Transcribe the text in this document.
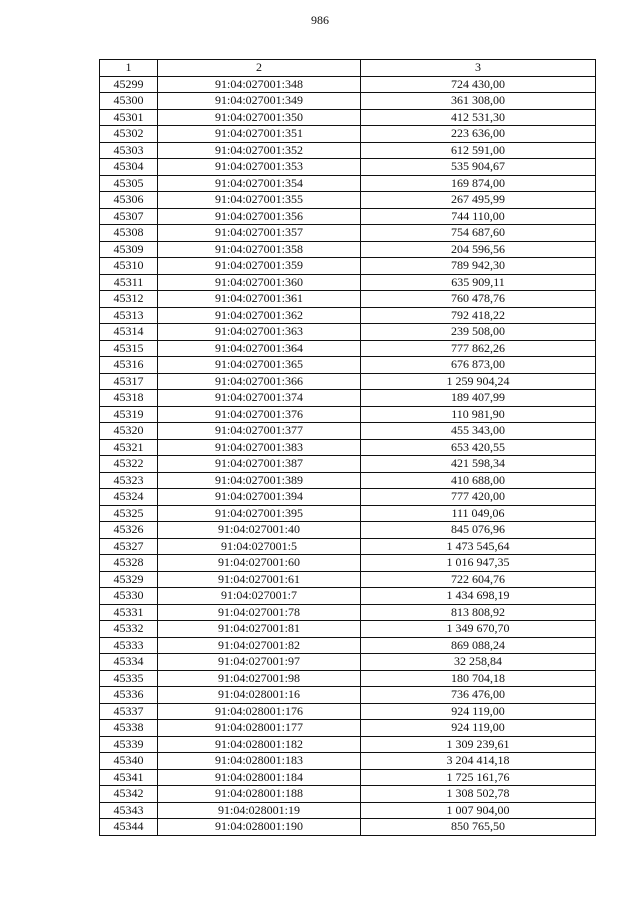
986
1	2	3
45299	91:04:027001:348	724 430,00
45300	91:04:027001:349	361 308,00
45301	91:04:027001:350	412 531,30
45302	91:04:027001:351	223 636,00
45303	91:04:027001:352	612 591,00
45304	91:04:027001:353	535 904,67
45305	91:04:027001:354	169 874,00
45306	91:04:027001:355	267 495,99
45307	91:04:027001:356	744 110,00
45308	91:04:027001:357	754 687,60
45309	91:04:027001:358	204 596,56
45310	91:04:027001:359	789 942,30
45311	91:04:027001:360	635 909,11
45312	91:04:027001:361	760 478,76
45313	91:04:027001:362	792 418,22
45314	91:04:027001:363	239 508,00
45315	91:04:027001:364	777 862,26
45316	91:04:027001:365	676 873,00
45317	91:04:027001:366	1 259 904,24
45318	91:04:027001:374	189 407,99
45319	91:04:027001:376	110 981,90
45320	91:04:027001:377	455 343,00
45321	91:04:027001:383	653 420,55
45322	91:04:027001:387	421 598,34
45323	91:04:027001:389	410 688,00
45324	91:04:027001:394	777 420,00
45325	91:04:027001:395	111 049,06
45326	91:04:027001:40	845 076,96
45327	91:04:027001:5	1 473 545,64
45328	91:04:027001:60	1 016 947,35
45329	91:04:027001:61	722 604,76
45330	91:04:027001:7	1 434 698,19
45331	91:04:027001:78	813 808,92
45332	91:04:027001:81	1 349 670,70
45333	91:04:027001:82	869 088,24
45334	91:04:027001:97	32 258,84
45335	91:04:027001:98	180 704,18
45336	91:04:028001:16	736 476,00
45337	91:04:028001:176	924 119,00
45338	91:04:028001:177	924 119,00
45339	91:04:028001:182	1 309 239,61
45340	91:04:028001:183	3 204 414,18
45341	91:04:028001:184	1 725 161,76
45342	91:04:028001:188	1 308 502,78
45343	91:04:028001:19	1 007 904,00
45344	91:04:028001:190	850 765,50
